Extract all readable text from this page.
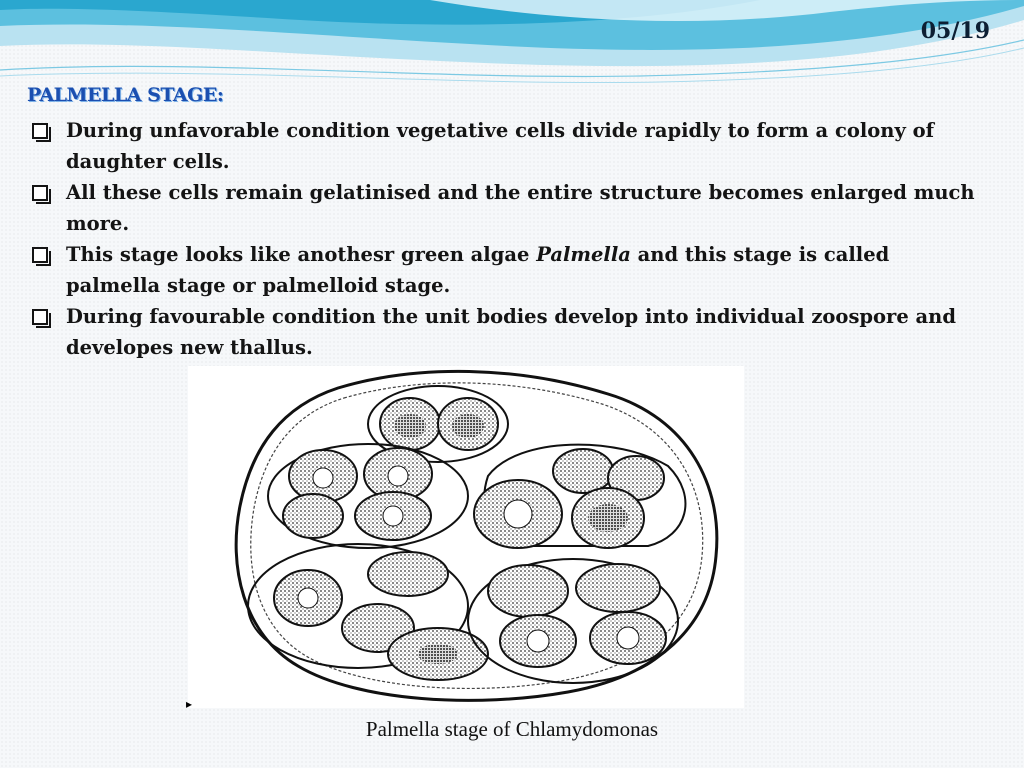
05/19
PALMELLA STAGE:
During unfavorable condition vegetative cells divide rapidly to form a colony of daughter cells.
All these cells remain gelatinised and the entire structure becomes enlarged much more.
This stage looks like anothesr green algae Palmella and this stage is called palmella stage or palmelloid stage.
During favourable condition the unit bodies develop into individual zoospore and developes new thallus.
▸
Palmella stage of Chlamydomonas
